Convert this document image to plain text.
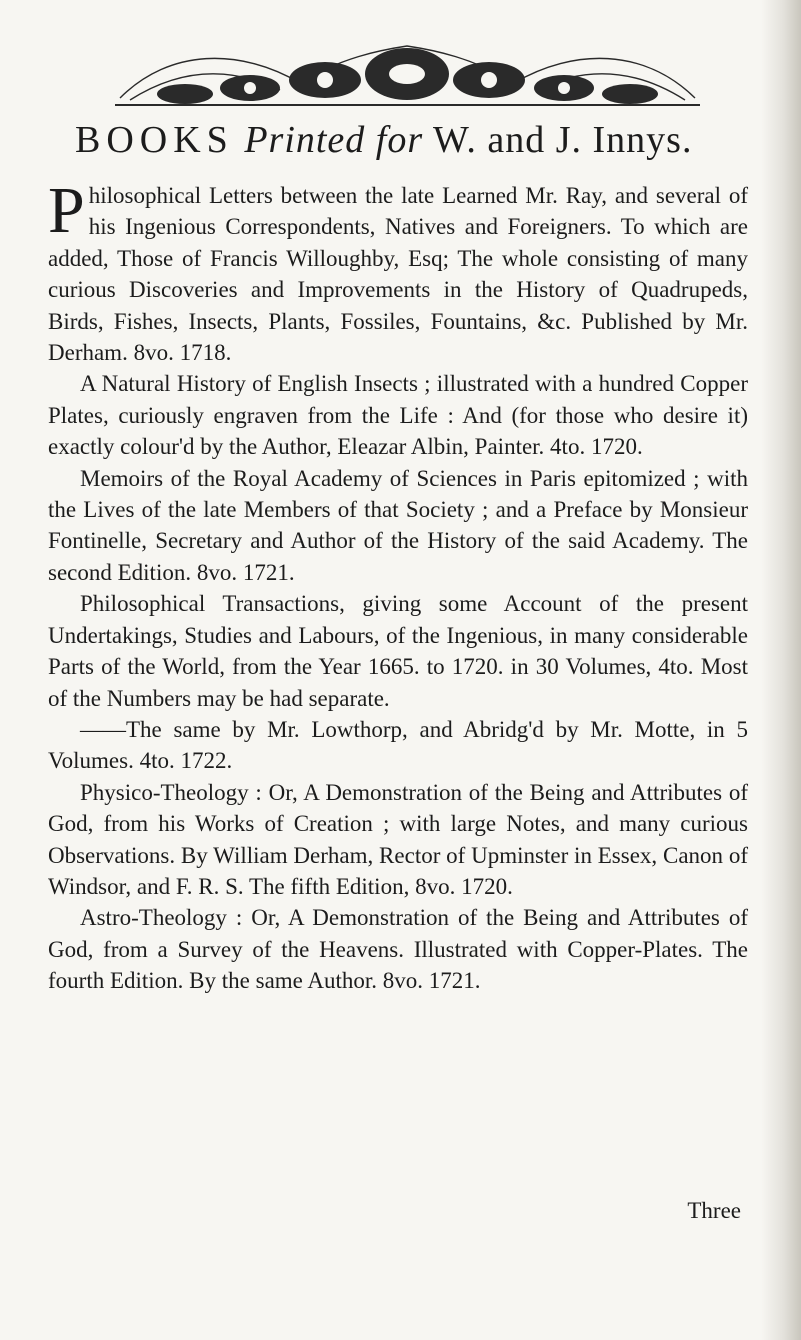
BOOKS Printed for W. and J. Innys.

Philosophical Letters between the late Learned Mr. Ray, and several of his Ingenious Correspondents, Natives and Foreigners. To which are added, Those of Francis Willoughby, Esq; The whole consisting of many curious Discoveries and Improvements in the History of Quadrupeds, Birds, Fishes, Insects, Plants, Fossiles, Fountains, &c. Published by Mr. Derham. 8vo. 1718.

A Natural History of English Insects ; illustrated with a hundred Copper Plates, curiously engraven from the Life : And (for those who desire it) exactly colour'd by the Author, Eleazar Albin, Painter. 4to. 1720.

Memoirs of the Royal Academy of Sciences in Paris epitomized ; with the Lives of the late Members of that Society ; and a Preface by Monsieur Fontinelle, Secretary and Author of the History of the said Academy. The second Edition. 8vo. 1721.

Philosophical Transactions, giving some Account of the present Undertakings, Studies and Labours, of the Ingenious, in many considerable Parts of the World, from the Year 1665. to 1720. in 30 Volumes, 4to. Most of the Numbers may be had separate.

——The same by Mr. Lowthorp, and Abridg'd by Mr. Motte, in 5 Volumes. 4to. 1722.

Physico-Theology : Or, A Demonstration of the Being and Attributes of God, from his Works of Creation ; with large Notes, and many curious Observations. By William Derham, Rector of Upminster in Essex, Canon of Windsor, and F. R. S. The fifth Edition, 8vo. 1720.

Astro-Theology : Or, A Demonstration of the Being and Attributes of God, from a Survey of the Heavens. Illustrated with Copper-Plates. The fourth Edition. By the same Author. 8vo. 1721.

Three
